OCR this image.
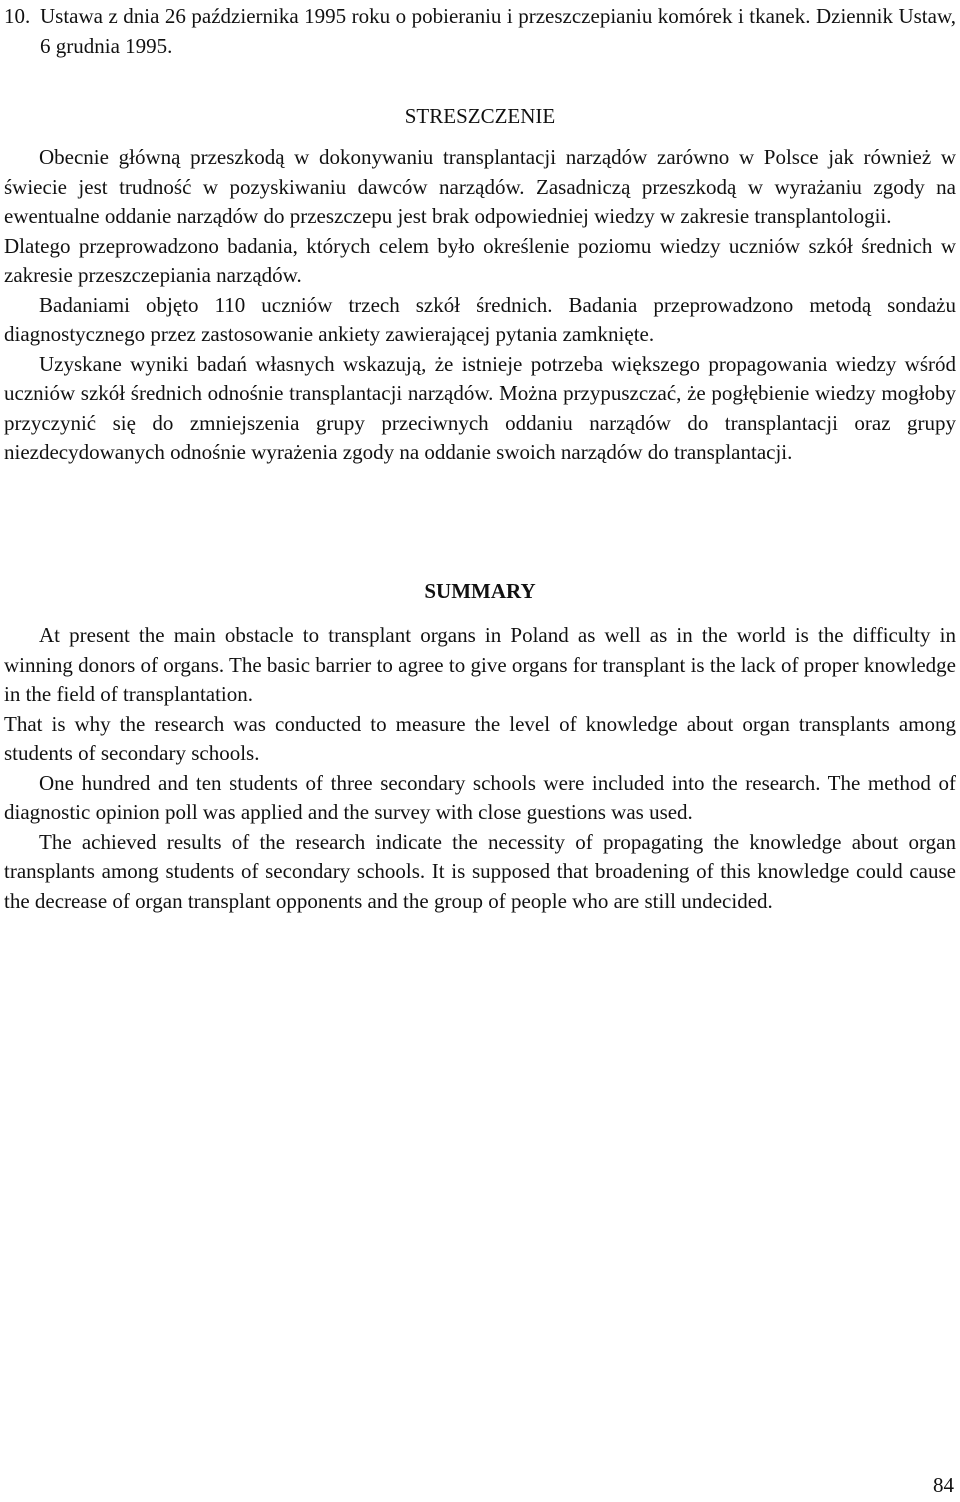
10. Ustawa z dnia 26 października 1995 roku o pobieraniu i przeszczepianiu komórek i tkanek. Dziennik Ustaw, 6 grudnia 1995.
STRESZCZENIE

Obecnie główną przeszkodą w dokonywaniu transplantacji narządów zarówno w Polsce jak również w świecie jest trudność w pozyskiwaniu dawców narządów. Zasadniczą przeszkodą w wyrażaniu zgody na ewentualne oddanie narządów do przeszczepu jest brak odpowiedniej wiedzy w zakresie transplantologii.

Dlatego przeprowadzono badania, których celem było określenie poziomu wiedzy uczniów szkół średnich w zakresie przeszczepiania narządów.

Badaniami objęto 110 uczniów trzech szkół średnich. Badania przeprowadzono metodą sondażu diagnostycznego przez zastosowanie ankiety zawierającej pytania zamknięte.

Uzyskane wyniki badań własnych wskazują, że istnieje potrzeba większego propagowania wiedzy wśród uczniów szkół średnich odnośnie transplantacji narządów. Można przypuszczać, że pogłębienie wiedzy mogłoby przyczynić się do zmniejszenia grupy przeciwnych oddaniu narządów do transplantacji oraz grupy niezdecydowanych odnośnie wyrażenia zgody na oddanie swoich narządów do transplantacji.

SUMMARY

At present the main obstacle to transplant organs in Poland as well as in the world is the difficulty in winning donors of organs. The basic barrier to agree to give organs for transplant is the lack of proper knowledge in the field of transplantation.

That is why the research was conducted to measure the level of knowledge about organ transplants among students of secondary schools.

One hundred and ten students of three secondary schools were included into the research. The method of diagnostic opinion poll was applied and the survey with close guestions was used.

The achieved results of the research indicate the necessity of propagating the knowledge about organ transplants among students of secondary schools. It is supposed that broadening of this knowledge could cause the decrease of organ transplant opponents and the group of people who are still undecided.

84
